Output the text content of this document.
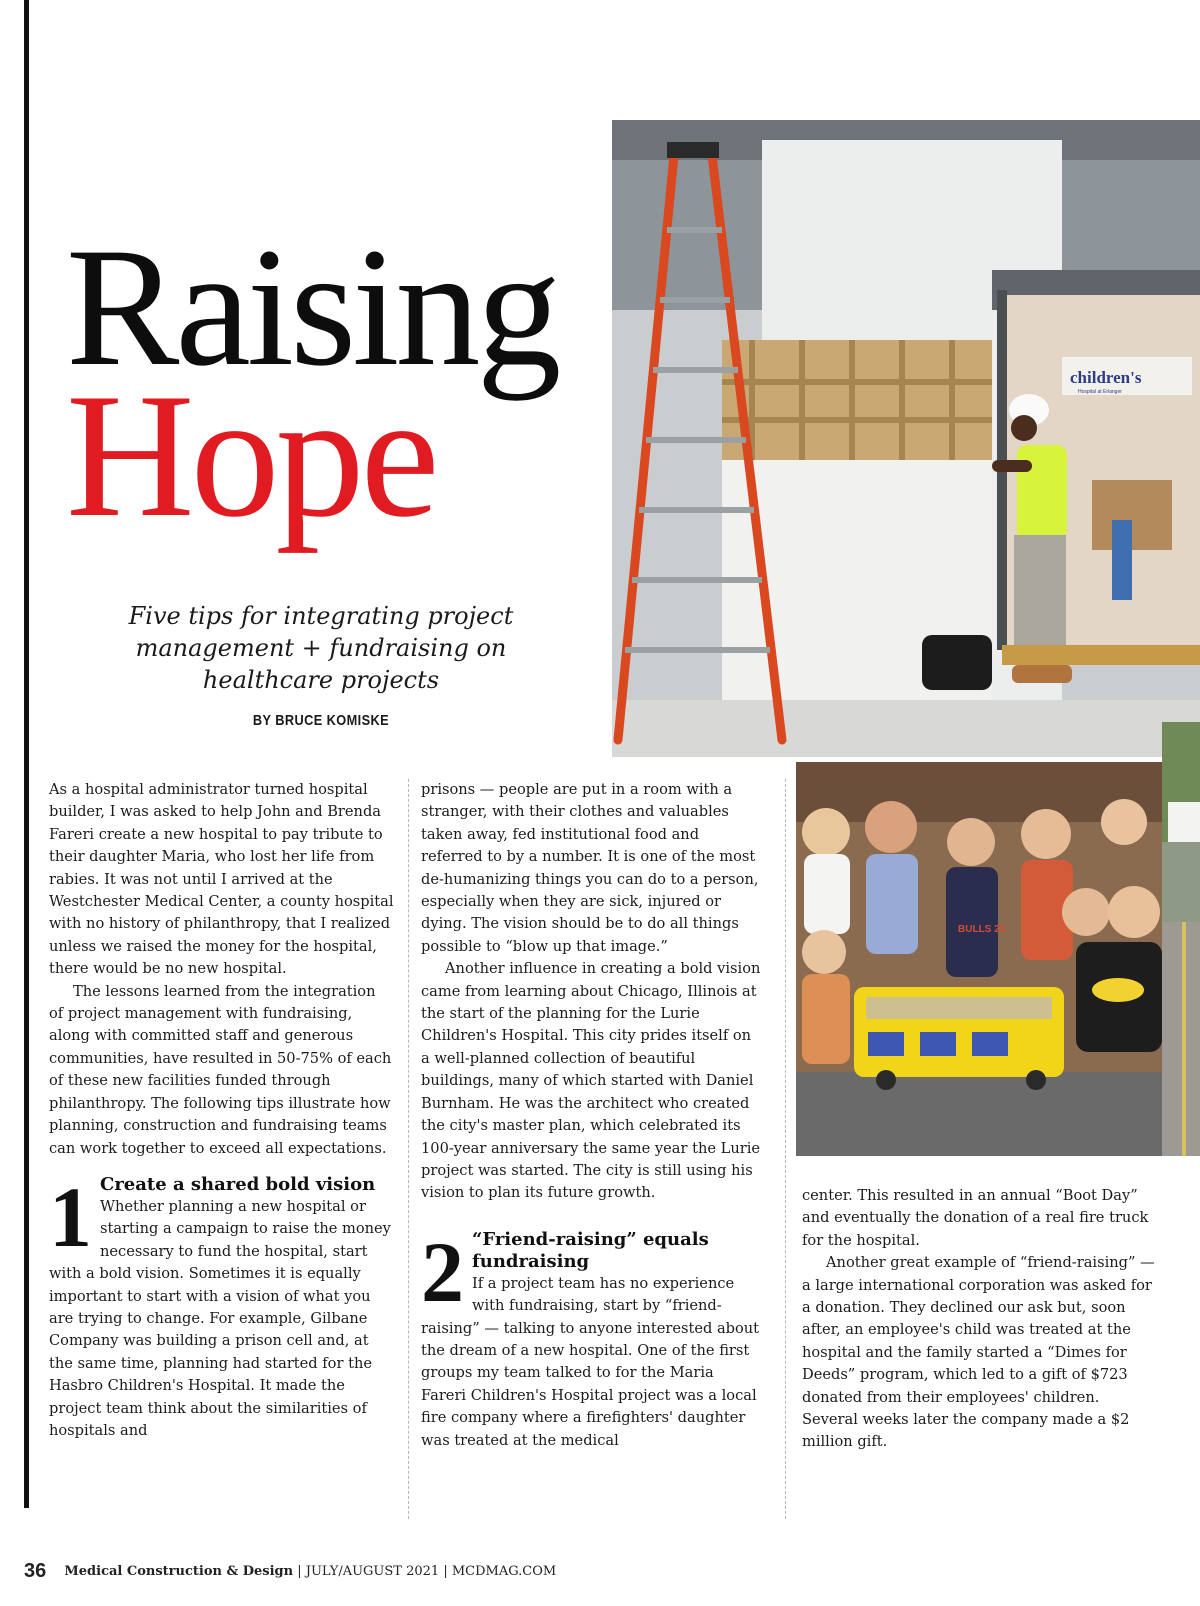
Raising
Hope
Five tips for integrating project management + fundraising on healthcare projects
BY BRUCE KOMISKE
children's
Hospital at Erlanger
BULLS 23

As a hospital administrator turned hospital builder, I was asked to help John and Brenda Fareri create a new hospital to pay tribute to their daughter Maria, who lost her life from rabies. It was not until I arrived at the Westchester Medical Center, a county hospital with no history of philanthropy, that I realized unless we raised the money for the hospital, there would be no new hospital.

The lessons learned from the integration of project management with fundraising, along with committed staff and generous communities, have resulted in 50-75% of each of these new facilities funded through philanthropy. The following tips illustrate how planning, construction and fundraising teams can work together to exceed all expectations.

1 Create a shared bold vision
Whether planning a new hospital or starting a campaign to raise the money necessary to fund the hospital, start with a bold vision. Sometimes it is equally important to start with a vision of what you are trying to change. For example, Gilbane Company was building a prison cell and, at the same time, planning had started for the Hasbro Children's Hospital. It made the project team think about the similarities of hospitals and

prisons — people are put in a room with a stranger, with their clothes and valuables taken away, fed institutional food and referred to by a number. It is one of the most de-humanizing things you can do to a person, especially when they are sick, injured or dying. The vision should be to do all things possible to “blow up that image.”

Another influence in creating a bold vision came from learning about Chicago, Illinois at the start of the planning for the Lurie Children's Hospital. This city prides itself on a well-planned collection of beautiful buildings, many of which started with Daniel Burnham. He was the architect who created the city's master plan, which celebrated its 100-year anniversary the same year the Lurie project was started. The city is still using his vision to plan its future growth.

2 “Friend-raising” equals fundraising
If a project team has no experience with fundraising, start by “friend-raising” — talking to anyone interested about the dream of a new hospital. One of the first groups my team talked to for the Maria Fareri Children's Hospital project was a local fire company where a firefighters' daughter was treated at the medical

center. This resulted in an annual “Boot Day” and eventually the donation of a real fire truck for the hospital.

Another great example of “friend-raising” — a large international corporation was asked for a donation. They declined our ask but, soon after, an employee's child was treated at the hospital and the family started a “Dimes for Deeds” program, which led to a gift of $723 donated from their employees' children. Several weeks later the company made a $2 million gift.

36 Medical Construction & Design | JULY/AUGUST 2021 | MCDMAG.COM
